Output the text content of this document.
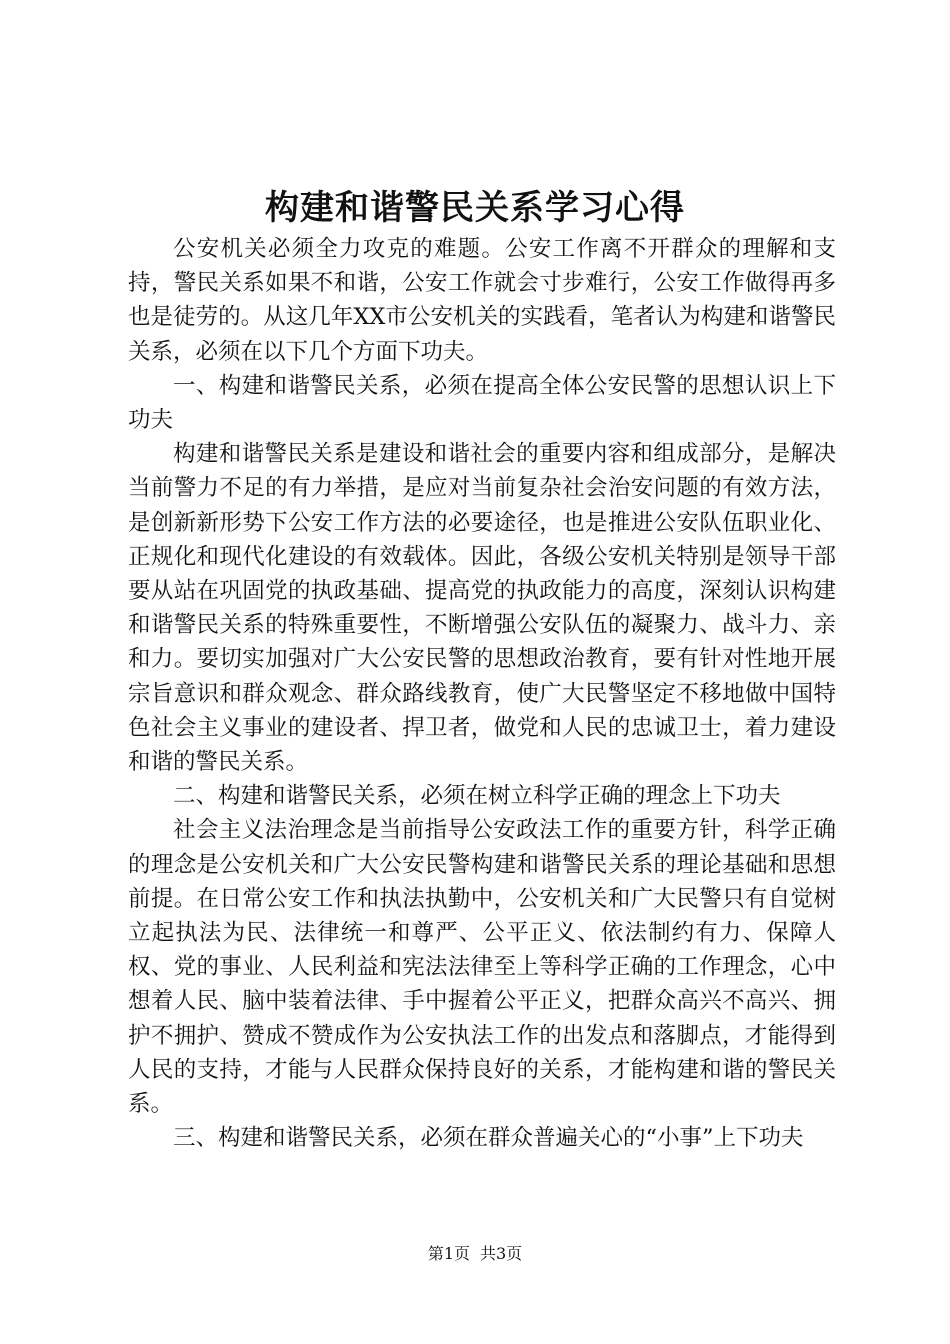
构建和谐警民关系学习心得

公安机关必须全力攻克的难题。公安工作离不开群众的理解和支持，警民关系如果不和谐，公安工作就会寸步难行，公安工作做得再多也是徒劳的。从这几年XX市公安机关的实践看，笔者认为构建和谐警民关系，必须在以下几个方面下功夫。

一、构建和谐警民关系，必须在提高全体公安民警的思想认识上下功夫

构建和谐警民关系是建设和谐社会的重要内容和组成部分，是解决当前警力不足的有力举措，是应对当前复杂社会治安问题的有效方法，是创新新形势下公安工作方法的必要途径，也是推进公安队伍职业化、正规化和现代化建设的有效载体。因此，各级公安机关特别是领导干部要从站在巩固党的执政基础、提高党的执政能力的高度，深刻认识构建和谐警民关系的特殊重要性，不断增强公安队伍的凝聚力、战斗力、亲和力。要切实加强对广大公安民警的思想政治教育，要有针对性地开展宗旨意识和群众观念、群众路线教育，使广大民警坚定不移地做中国特色社会主义事业的建设者、捍卫者，做党和人民的忠诚卫士，着力建设和谐的警民关系。

二、构建和谐警民关系，必须在树立科学正确的理念上下功夫

社会主义法治理念是当前指导公安政法工作的重要方针，科学正确的理念是公安机关和广大公安民警构建和谐警民关系的理论基础和思想前提。在日常公安工作和执法执勤中，公安机关和广大民警只有自觉树立起执法为民、法律统一和尊严、公平正义、依法制约有力、保障人权、党的事业、人民利益和宪法法律至上等科学正确的工作理念，心中想着人民、脑中装着法律、手中握着公平正义，把群众高兴不高兴、拥护不拥护、赞成不赞成作为公安执法工作的出发点和落脚点，才能得到人民的支持，才能与人民群众保持良好的关系，才能构建和谐的警民关系。

三、构建和谐警民关系，必须在群众普遍关心的“小事”上下功夫

第1页 共3页
